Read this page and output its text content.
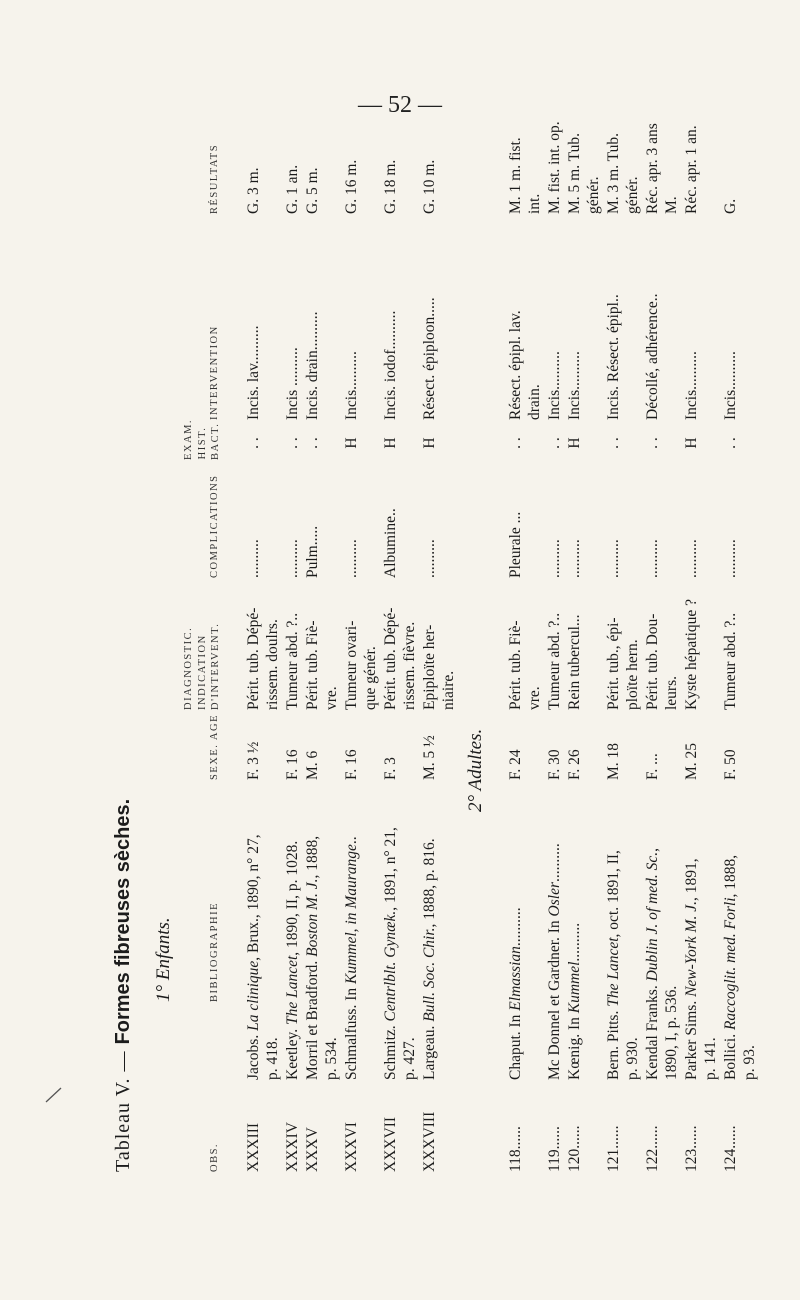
— 52 —
Tableau V. — Formes fibreuses sèches. 1° Enfants.
OBS.
BIBLIOGRAPHIE
SEXE. AGE
DIAGNOSTIC. INDICATION D'INTERVENT.
COMPLICATIONS
EXAM. HIST. BACT.
INTERVENTION
RÉSULTATS
XXXIII
Jacobs. La clinique, Brux., 1890, n° 27,
p. 418.
F. 3 ½
Périt. tub. Dépé- rissem. doulrs.
..........
. .
Incis. lav..........
G. 3 m.
XXXIV
Keetley. The Lancet, 1890, II, p. 1028.
F. 16
Tumeur abd. ?..
..........
. .
Incis ..........
G. 1 an.
XXXV
Morril et Bradford. Boston M. J., 1888,
p. 534.
M. 6
Périt. tub. Fiè- vre.
Pulm.....
. .
Incis. drain..........
G. 5 m.
XXXVI
Schmalfuss. In Kummel, in Maurange..
F. 16
Tumeur ovari- que génér.
..........
H
Incis..........
G. 16 m.
XXXVII
Schmitz. Centrlblt. Gynæk., 1891, n° 21,
p. 427.
F. 3
Périt. tub. Dépé- rissem. fièvre.
Albumine..
H
Incis. iodof..........
G. 18 m.
XXXVIII
Largeau. Bull. Soc. Chir., 1888, p. 816.
M. 5 ½
Epiploïte her- niaire.
..........
H
Résect. épiploon.....
G. 10 m.
2° Adultes.
118......
Chaput. In Elmassian..........
F. 24
Périt. tub. Fiè- vre.
Pleurale ...
. .
Résect. épipl. lav. drain.
M. 1 m. fist. int.
119......
Mc Donnel et Gardner. In Osler..........
F. 30
Tumeur abd. ?..
..........
. .
Incis..........
M. fist. int. op.
120......
Kœnig. In Kummel..........
F. 26
Rein tubercul...
..........
H
Incis..........
M. 5 m. Tub. génér.
121......
Bern. Pitts. The Lancet, oct. 1891, II,
p. 930.
M. 18
Périt. tub., épi- ploïte hern.
..........
. .
Incis. Résect. épipl..
M. 3 m. Tub. génér.
122......
Kendal Franks. Dublin J. of med. Sc.,
1890, I, p. 536.
F. ...
Périt. tub. Dou- leurs.
..........
. .
Décollé, adhérence..
Réc. apr. 3 ans M.
123......
Parker Sims. New-York M. J., 1891,
p. 141.
M. 25
Kyste hépatique ?
..........
H
Incis..........
Réc. apr. 1 an.
124......
Bollici. Raccoglit. med. Forli, 1888,
p. 93.
F. 50
Tumeur abd. ?..
..........
. .
Incis..........
G.
